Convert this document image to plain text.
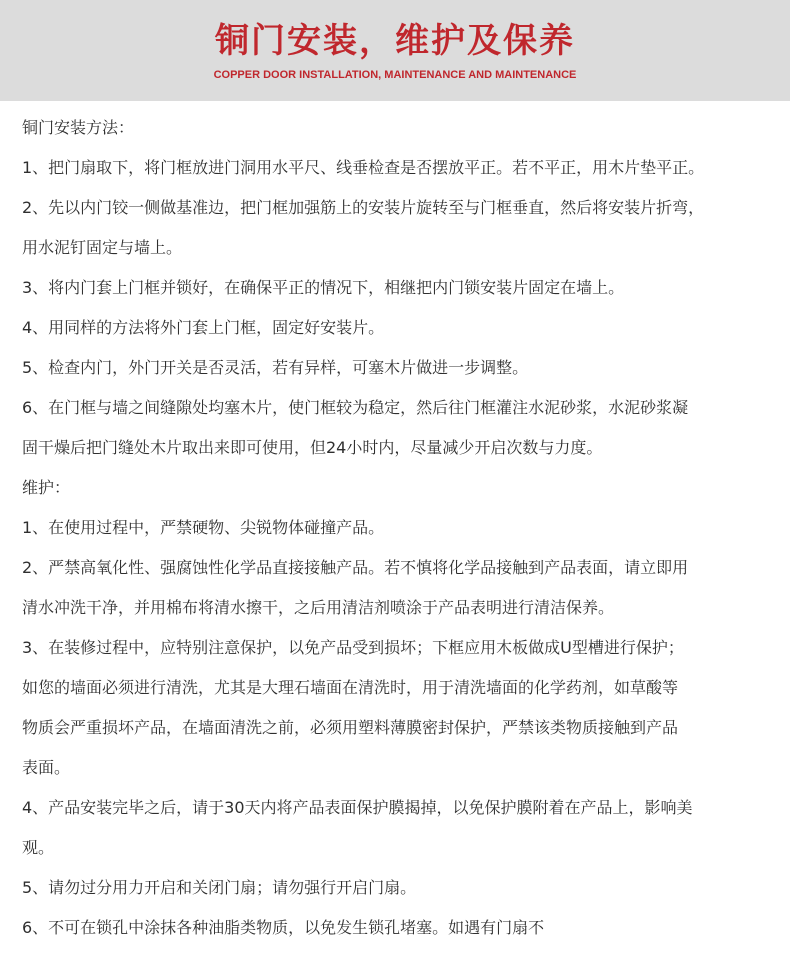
铜门安装，维护及保养
COPPER DOOR INSTALLATION, MAINTENANCE AND MAINTENANCE
铜门安装方法：
1、把门扇取下，将门框放进门洞用水平尺、线垂检查是否摆放平正。若不平正，用木片垫平正。
2、先以内门铰一侧做基准边，把门框加强筋上的安装片旋转至与门框垂直，然后将安装片折弯，
用水泥钉固定与墙上。
3、将内门套上门框并锁好，在确保平正的情况下，相继把内门锁安装片固定在墙上。
4、用同样的方法将外门套上门框，固定好安装片。
5、检查内门，外门开关是否灵活，若有异样，可塞木片做进一步调整。
6、在门框与墙之间缝隙处均塞木片，使门框较为稳定，然后往门框灌注水泥砂浆，水泥砂浆凝
固干燥后把门缝处木片取出来即可使用，但24小时内，尽量减少开启次数与力度。
维护：
1、在使用过程中，严禁硬物、尖锐物体碰撞产品。
2、严禁高氧化性、强腐蚀性化学品直接接触产品。若不慎将化学品接触到产品表面，请立即用
清水冲洗干净，并用棉布将清水擦干，之后用清洁剂喷涂于产品表明进行清洁保养。
3、在装修过程中，应特别注意保护，以免产品受到损坏；下框应用木板做成U型槽进行保护；
如您的墙面必须进行清洗，尤其是大理石墙面在清洗时，用于清洗墙面的化学药剂，如草酸等
物质会严重损坏产品，在墙面清洗之前，必须用塑料薄膜密封保护，严禁该类物质接触到产品
表面。
4、产品安装完毕之后，请于30天内将产品表面保护膜揭掉，以免保护膜附着在产品上，影响美
观。
5、请勿过分用力开启和关闭门扇；请勿强行开启门扇。
6、不可在锁孔中涂抹各种油脂类物质，以免发生锁孔堵塞。如遇有门扇不
